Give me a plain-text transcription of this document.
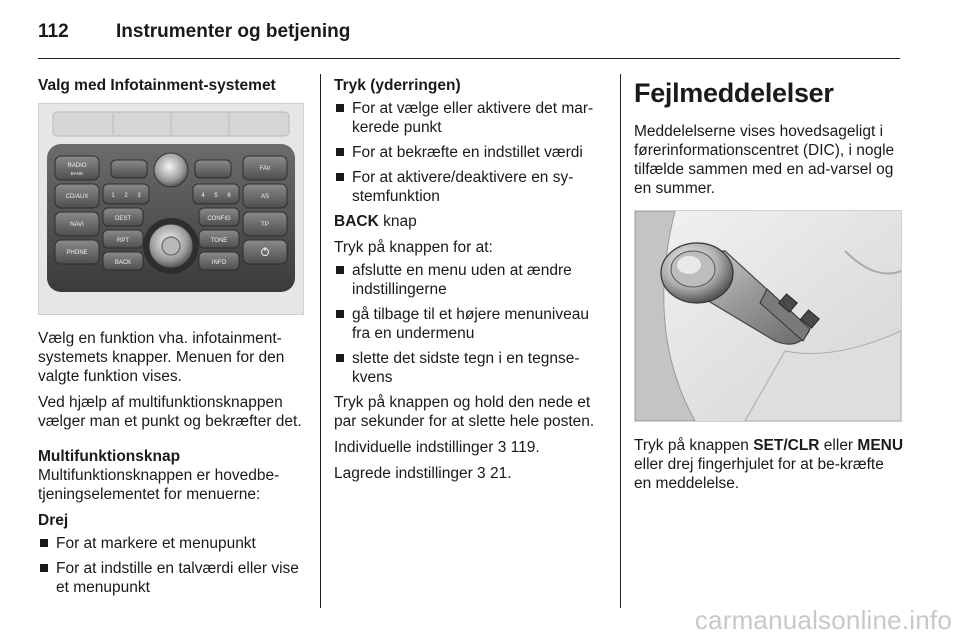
112	Instrumenter og betjening

Valg med Infotainment-systemet

RADIO
BAND
CD/AUX
NAVI
PHONE
FAV
AS
TP
DEST	CONFIG
RPT	TONE
BACK	INFO
1 2 3	4 5 6

Vælg en funktion vha. infotainment-systemets knapper. Menuen for den valgte funktion vises.

Ved hjælp af multifunktionsknappen vælger man et punkt og bekræfter det.

Multifunktionsknap

Multifunktionsknappen er hovedbe-tjeningselementet for menuerne:

Drej

For at markere et menupunkt
For at indstille en talværdi eller vise et menupunkt

Tryk (yderringen)

For at vælge eller aktivere det mar-kerede punkt
For at bekræfte en indstillet værdi
For at aktivere/deaktivere en sy-stemfunktion

BACK knap

Tryk på knappen for at:

afslutte en menu uden at ændre indstillingerne
gå tilbage til et højere menuniveau fra en undermenu
slette det sidste tegn i en tegnse-kvens

Tryk på knappen og hold den nede et par sekunder for at slette hele posten.

Individuelle indstillinger 3 119.

Lagrede indstillinger 3 21.

Fejlmeddelelser

Meddelelserne vises hovedsageligt i førerinformationscentret (DIC), i nogle tilfælde sammen med en ad-varsel og en summer.

Tryk på knappen SET/CLR eller MENU eller drej fingerhjulet for at be-kræfte en meddelelse.

carmanualsonline.info
